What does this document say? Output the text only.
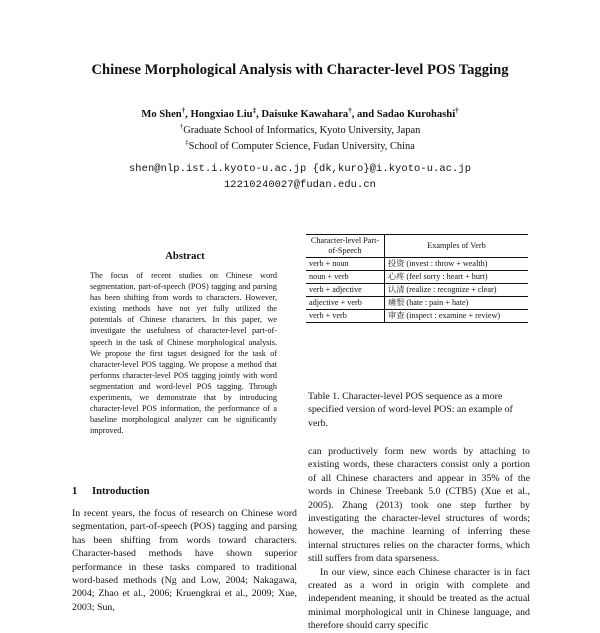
Chinese Morphological Analysis with Character-level POS Tagging
Mo Shen†, Hongxiao Liu‡, Daisuke Kawahara†, and Sadao Kurohashi†
†Graduate School of Informatics, Kyoto University, Japan
‡School of Computer Science, Fudan University, China
shen@nlp.ist.i.kyoto-u.ac.jp {dk,kuro}@i.kyoto-u.ac.jp
12210240027@fudan.edu.cn
Abstract
The focus of recent studies on Chinese word segmentation, part-of-speech (POS) tagging and parsing has been shifting from words to characters. However, existing methods have not yet fully utilized the potentials of Chinese characters. In this paper, we investigate the usefulness of character-level part-of-speech in the task of Chinese morphological analysis. We propose the first tagset designed for the task of character-level POS tagging. We propose a method that performs character-level POS tagging jointly with word segmentation and word-level POS tagging. Through experiments, we demonstrate that by introducing character-level POS information, the performance of a baseline morphological analyzer can be significantly improved.
1 Introduction
In recent years, the focus of research on Chinese word segmentation, part-of-speech (POS) tagging and parsing has been shifting from words toward characters. Character-based methods have shown superior performance in these tasks compared to traditional word-based methods (Ng and Low, 2004; Nakagawa, 2004; Zhao et al., 2006; Kruengkrai et al., 2009; Xue, 2003; Sun,
Character-level Part-of-Speech	Examples of Verb
verb + noun	投资 (invest : throw + wealth)
noun + verb	心疼 (feel sorry : heart + hurt)
verb + adjective	认清 (realize : recognize + clear)
adjective + verb	痛恨 (hate : pain + hate)
verb + verb	审查 (inspect : examine + review)
Table 1. Character-level POS sequence as a more specified version of word-level POS: an example of verb.

can productively form new words by attaching to existing words, these characters consist only a portion of all Chinese characters and appear in 35% of the words in Chinese Treebank 5.0 (CTB5) (Xue et al., 2005). Zhang (2013) took one step further by investigating the character-level structures of words; however, the machine learning of inferring these internal structures relies on the character forms, which still suffers from data sparseness.

In our view, since each Chinese character is in fact created as a word in origin with complete and independent meaning, it should be treated as the actual minimal morphological unit in Chinese language, and therefore should carry specific
